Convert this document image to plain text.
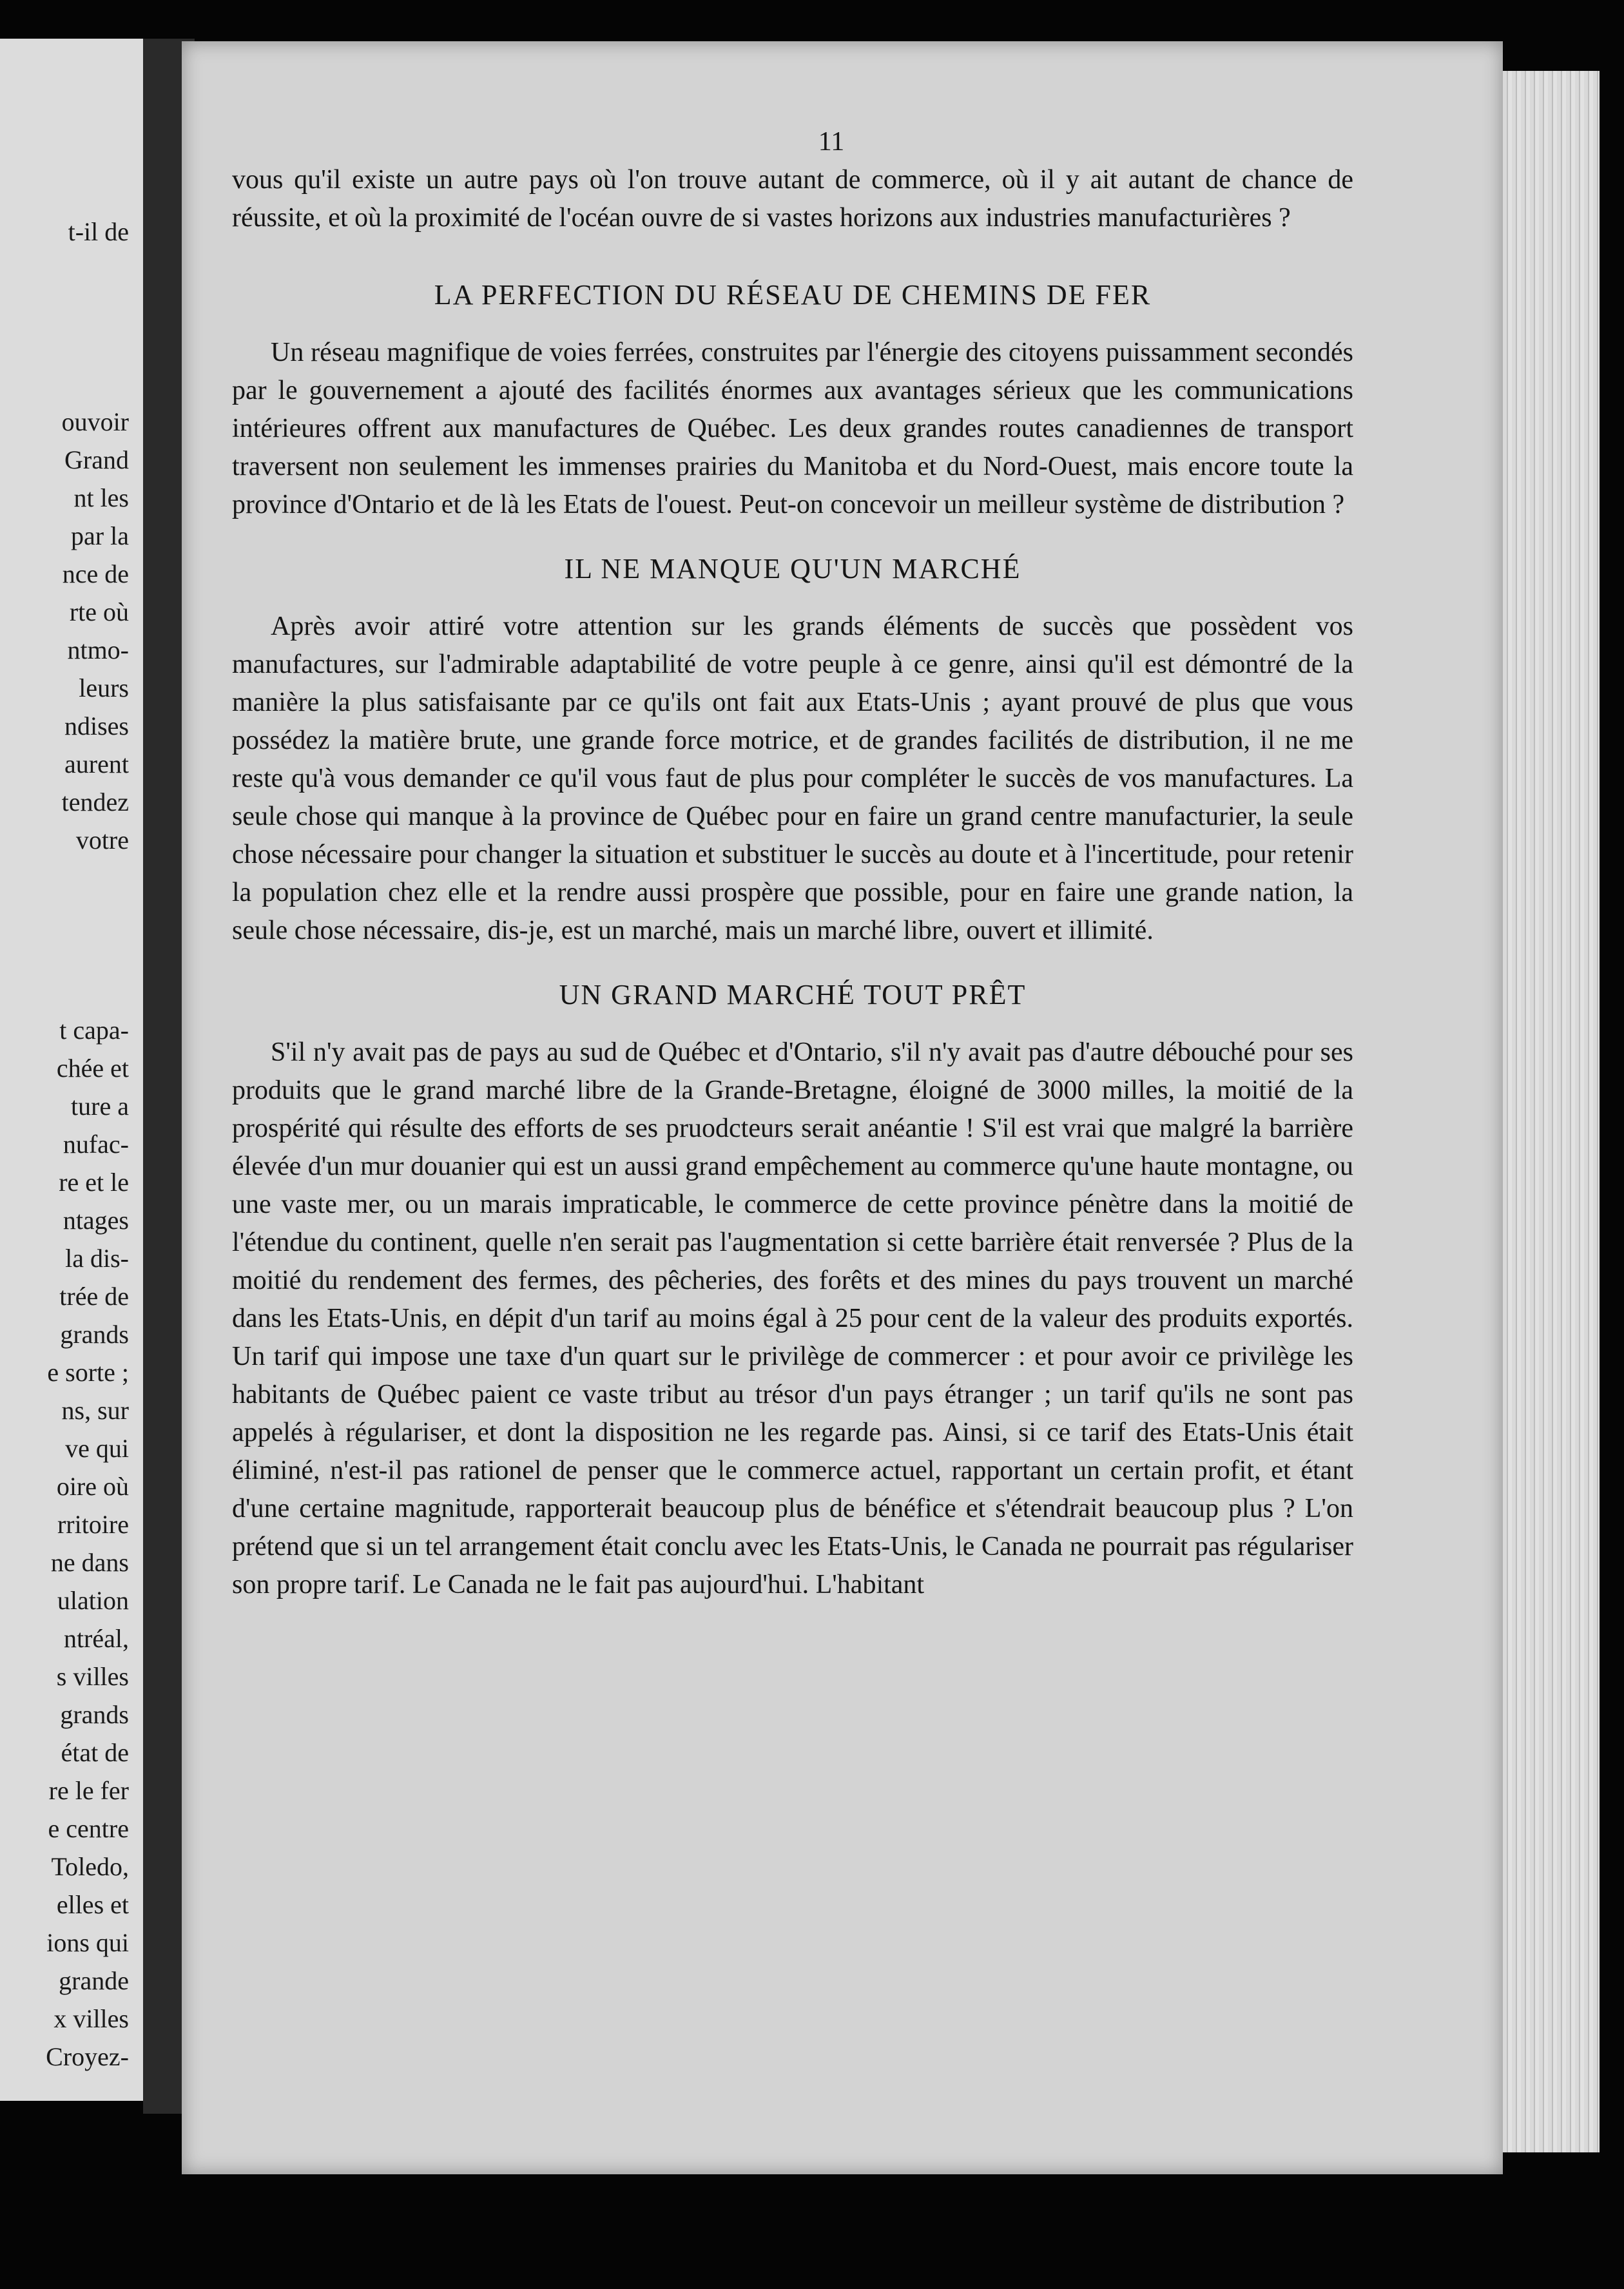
t-il de
ouvoir
Grand
nt les
par la
nce de
rte où
ntmo-
leurs
ndises
aurent
tendez
votre
t capa-
chée et
ture a
nufac-
re et le
ntages
la dis-
trée de
grands
e sorte ;
ns, sur
ve qui
oire où
rritoire
ne dans
ulation
ntréal,
s villes
grands
état de
re le fer
e centre
Toledo,
elles et
ions qui
grande
x villes
Croyez-
11

vous qu'il existe un autre pays où l'on trouve autant de commerce, où il y ait autant de chance de réussite, et où la proximité de l'océan ouvre de si vastes horizons aux industries manufacturières ?

LA PERFECTION DU RÉSEAU DE CHEMINS DE FER

Un réseau magnifique de voies ferrées, construites par l'énergie des citoyens puissamment secondés par le gouvernement a ajouté des facilités énormes aux avantages sérieux que les communications intérieures offrent aux manufactures de Québec. Les deux grandes routes canadiennes de transport traversent non seulement les immenses prairies du Manitoba et du Nord-Ouest, mais encore toute la province d'Ontario et de là les Etats de l'ouest. Peut-on concevoir un meilleur système de distribution ?

IL NE MANQUE QU'UN MARCHÉ

Après avoir attiré votre attention sur les grands éléments de succès que possèdent vos manufactures, sur l'admirable adaptabilité de votre peuple à ce genre, ainsi qu'il est démontré de la manière la plus satisfaisante par ce qu'ils ont fait aux Etats-Unis ; ayant prouvé de plus que vous possédez la matière brute, une grande force motrice, et de grandes facilités de distribution, il ne me reste qu'à vous demander ce qu'il vous faut de plus pour compléter le succès de vos manufactures. La seule chose qui manque à la province de Québec pour en faire un grand centre manufacturier, la seule chose nécessaire pour changer la situation et substituer le succès au doute et à l'incertitude, pour retenir la population chez elle et la rendre aussi prospère que possible, pour en faire une grande nation, la seule chose nécessaire, dis-je, est un marché, mais un marché libre, ouvert et illimité.

UN GRAND MARCHÉ TOUT PRÊT

S'il n'y avait pas de pays au sud de Québec et d'Ontario, s'il n'y avait pas d'autre débouché pour ses produits que le grand marché libre de la Grande-Bretagne, éloigné de 3000 milles, la moitié de la prospérité qui résulte des efforts de ses pruodcteurs serait anéantie ! S'il est vrai que malgré la barrière élevée d'un mur douanier qui est un aussi grand empêchement au commerce qu'une haute montagne, ou une vaste mer, ou un marais impraticable, le commerce de cette province pénètre dans la moitié de l'étendue du continent, quelle n'en serait pas l'augmentation si cette barrière était renversée ? Plus de la moitié du rendement des fermes, des pêcheries, des forêts et des mines du pays trouvent un marché dans les Etats-Unis, en dépit d'un tarif au moins égal à 25 pour cent de la valeur des produits exportés. Un tarif qui impose une taxe d'un quart sur le privilège de commercer : et pour avoir ce privilège les habitants de Québec paient ce vaste tribut au trésor d'un pays étranger ; un tarif qu'ils ne sont pas appelés à régulariser, et dont la disposition ne les regarde pas. Ainsi, si ce tarif des Etats-Unis était éliminé, n'est-il pas rationel de penser que le commerce actuel, rapportant un certain profit, et étant d'une certaine magnitude, rapporterait beaucoup plus de bénéfice et s'étendrait beaucoup plus ? L'on prétend que si un tel arrangement était conclu avec les Etats-Unis, le Canada ne pourrait pas régulariser son propre tarif. Le Canada ne le fait pas aujourd'hui. L'habitant
